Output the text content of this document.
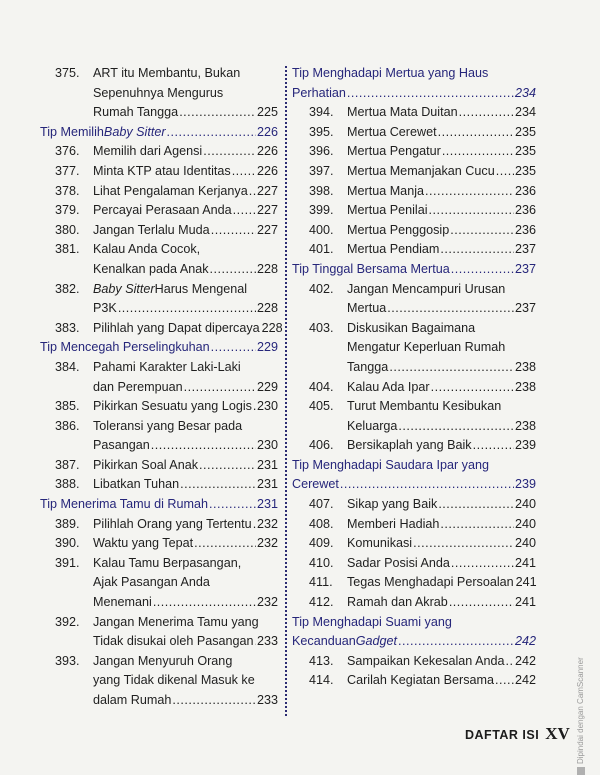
375.	ART itu Membantu, Bukan
Sepenuhnya Mengurus
Rumah Tangga .....	225
Tip Memilih Baby Sitter .....	226
376.	Memilih dari Agensi .....	226
377.	Minta KTP atau Identitas ..... 226
378.	Lihat Pengalaman Kerjanya ..... 227
379.	Percayai Perasaan Anda ..... 227
380.	Jangan Terlalu Muda .....	227
381.	Kalau Anda Cocok,
Kenalkan pada Anak .....	228
382.	Baby Sitter Harus Mengenal
P3K .....	228
383.	Pilihlah yang Dapat dipercaya 228
Tip Mencegah Perselingkuhan .....	229
384.	Pahami Karakter Laki-Laki
dan Perempuan .....	229
385.	Pikirkan Sesuatu yang Logis ..... 230
386.	Toleransi yang Besar pada
Pasangan .....	230
387.	Pikirkan Soal Anak .....	231
388.	Libatkan Tuhan .....	231
Tip Menerima Tamu di Rumah .....	231
389.	Pilihlah Orang yang Tertentu ..... 232
390.	Waktu yang Tepat .....	232
391.	Kalau Tamu Berpasangan,
Ajak Pasangan Anda
Menemani .....	232
392.	Jangan Menerima Tamu yang
Tidak disukai oleh Pasangan ..... 233
393.	Jangan Menyuruh Orang
yang Tidak dikenal Masuk ke
dalam Rumah .....	233
Tip Menghadapi Mertua yang Haus
Perhatian .....	234
394.	Mertua Mata Duitan .....	234
395.	Mertua Cerewet .....	235
396.	Mertua Pengatur .....	235
397.	Mertua Memanjakan Cucu ..... 235
398.	Mertua Manja .....	236
399.	Mertua Penilai .....	236
400.	Mertua Penggosip .....	236
401.	Mertua Pendiam .....	237
Tip Tinggal Bersama Mertua .....	237
402.	Jangan Mencampuri Urusan
Mertua .....	237
403.	Diskusikan Bagaimana
Mengatur Keperluan Rumah
Tangga .....	238
404.	Kalau Ada Ipar .....	238
405.	Turut Membantu Kesibukan
Keluarga .....	238
406.	Bersikaplah yang Baik .....	239
Tip Menghadapi Saudara Ipar yang
Cerewet .....	239
407.	Sikap yang Baik .....	240
408.	Memberi Hadiah .....	240
409.	Komunikasi .....	240
410.	Sadar Posisi Anda .....	241
411.	Tegas Menghadapi Persoalan 241
412.	Ramah dan Akrab .....	241
Tip Menghadapi Suami yang
Kecanduan Gadget .....	242
413.	Sampaikan Kekesalan Anda ..... 242
414.	Carilah Kegiatan Bersama ..... 242
DAFTAR ISI XV Dipindai dengan CamScanner
